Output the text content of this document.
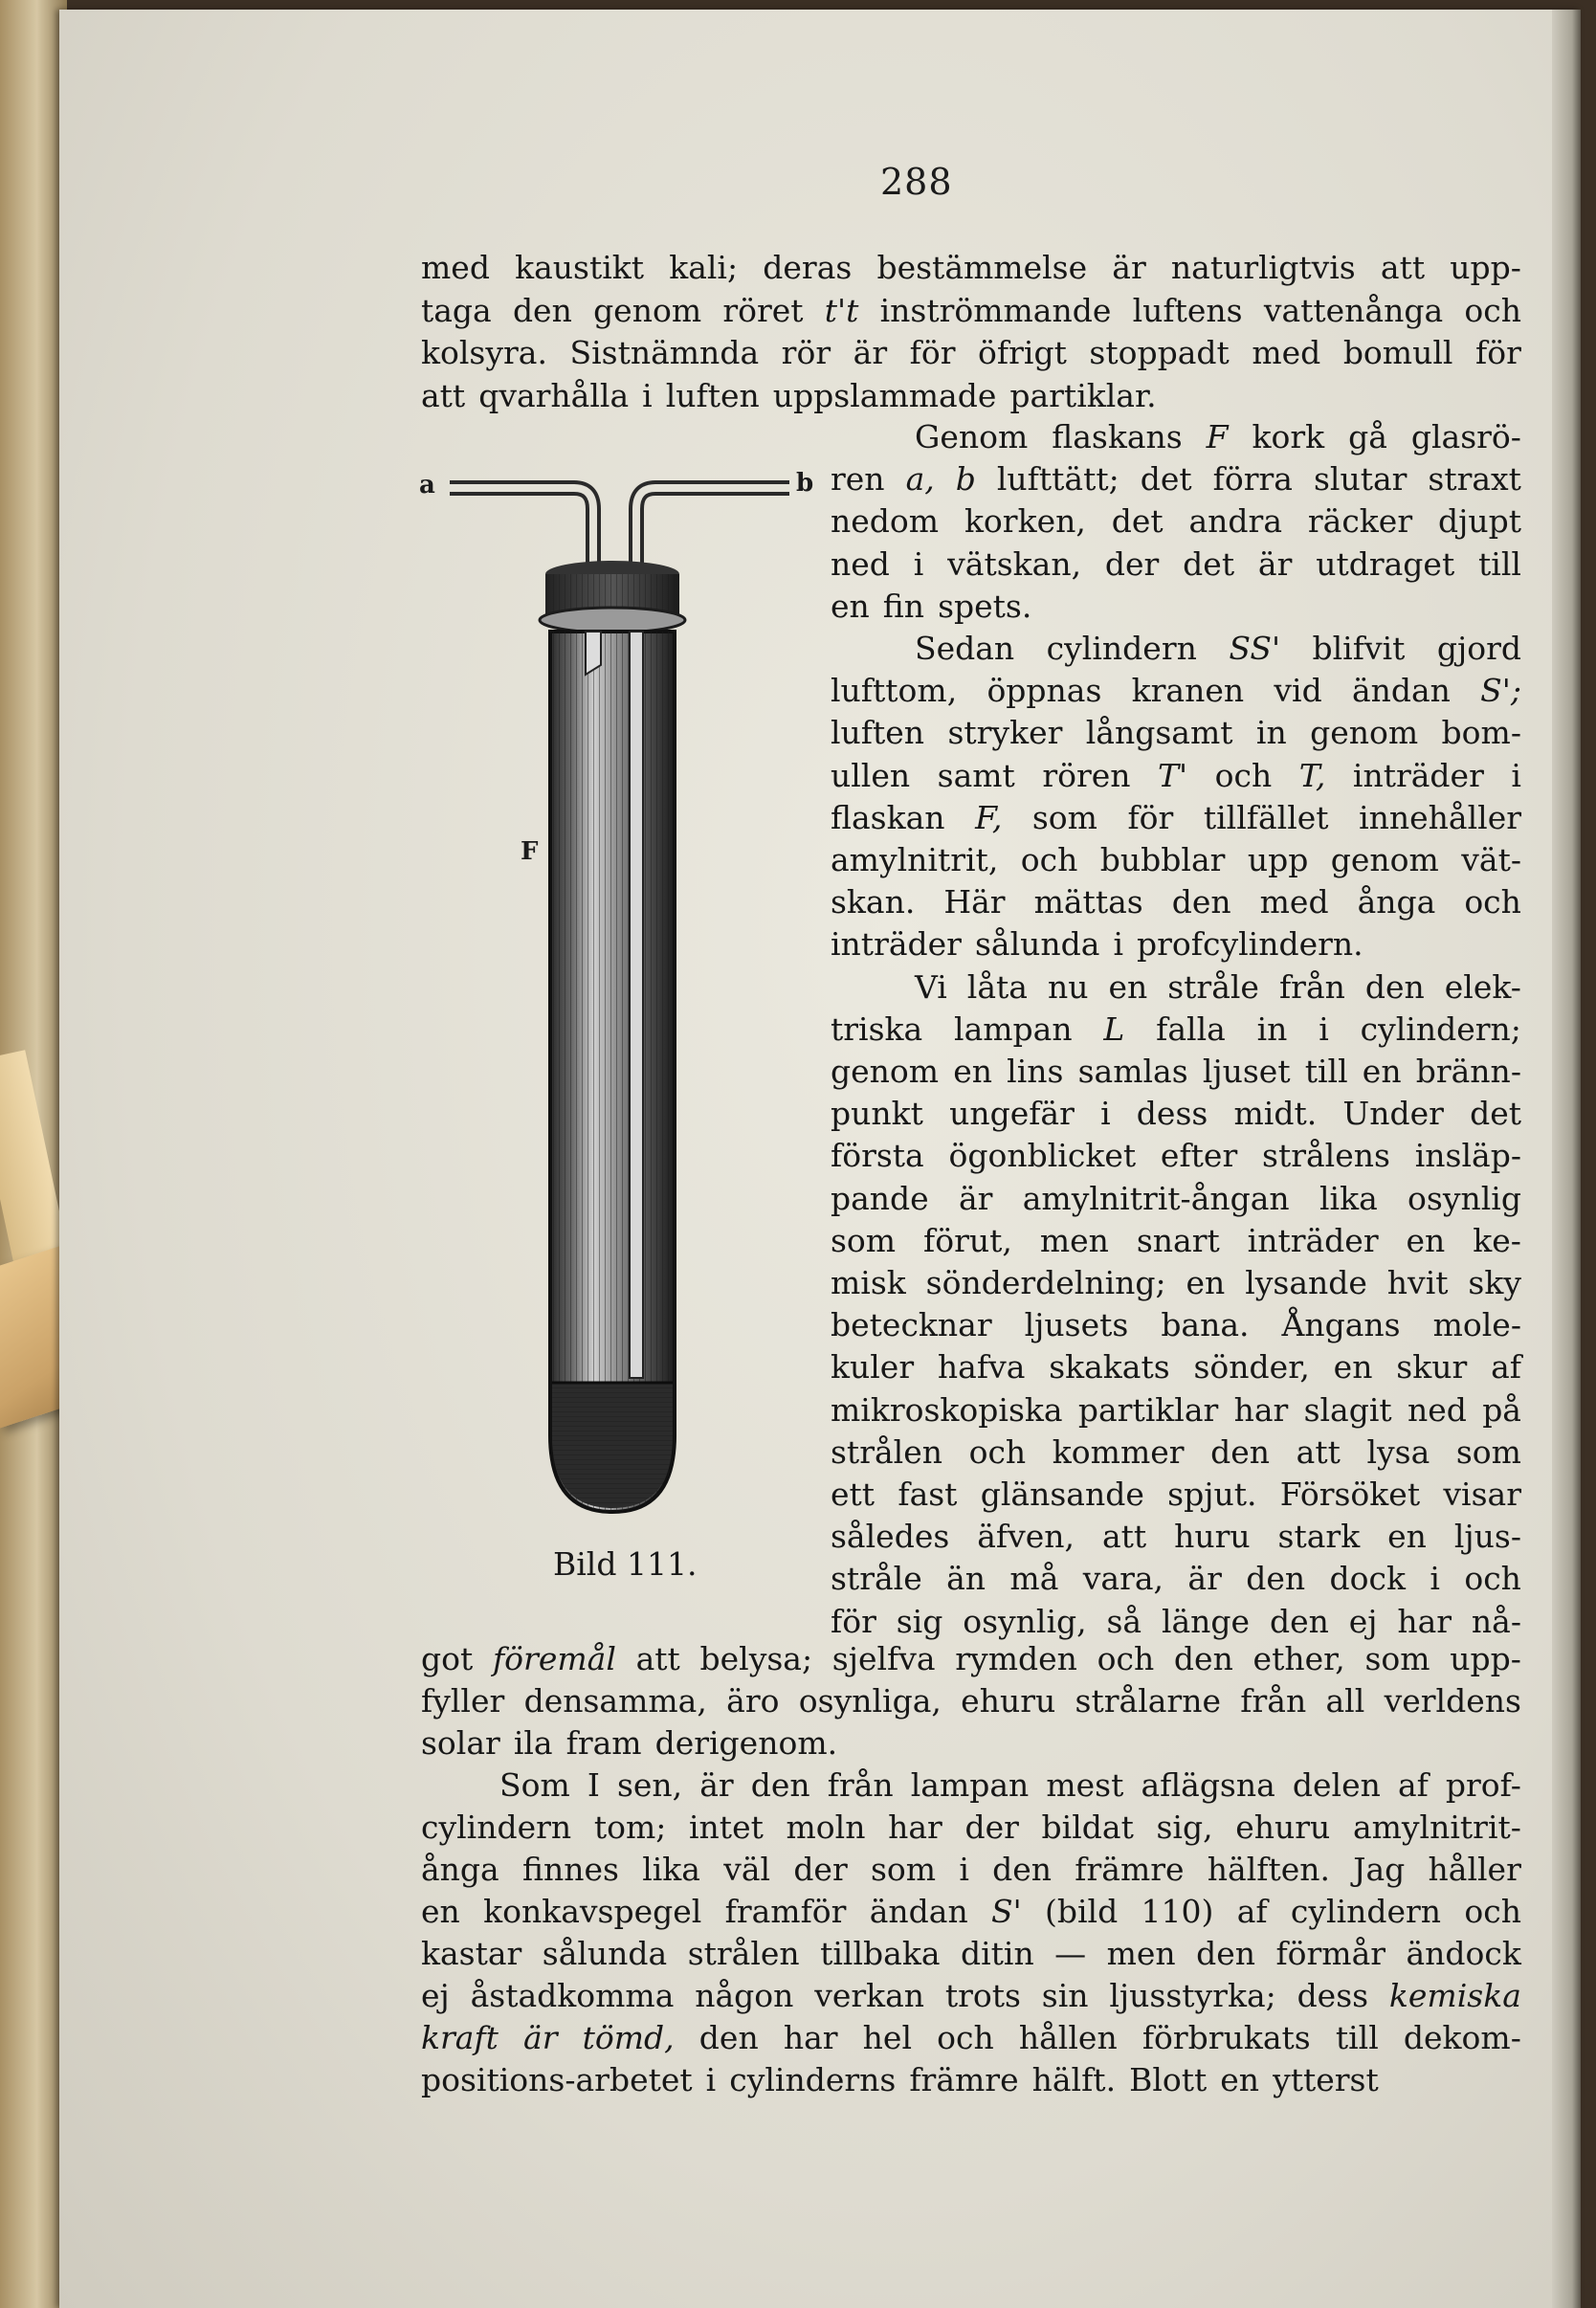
288
a	b
F
Bild 111.
med kaustikt kali; deras bestämmelse är naturligtvis att upp-
taga den genom röret t't inströmmande luftens vattenånga och
kolsyra. Sistnämnda rör är för öfrigt stoppadt med bomull för
att qvarhålla i luften uppslammade partiklar.
Genom flaskans F kork gå glasrö-
ren a, b lufttätt; det förra slutar straxt
nedom korken, det andra räcker djupt
ned i vätskan, der det är utdraget till
en fin spets.
Sedan cylindern SS' blifvit gjord
lufttom, öppnas kranen vid ändan S';
luften stryker långsamt in genom bom-
ullen samt rören T' och T, inträder i
flaskan F, som för tillfället innehåller
amylnitrit, och bubblar upp genom vät-
skan. Här mättas den med ånga och
inträder sålunda i profcylindern.
Vi låta nu en stråle från den elek-
triska lampan L falla in i cylindern;
genom en lins samlas ljuset till en bränn-
punkt ungefär i dess midt. Under det
första ögonblicket efter strålens insläp-
pande är amylnitrit-ångan lika osynlig
som förut, men snart inträder en ke-
misk sönderdelning; en lysande hvit sky
betecknar ljusets bana. Ångans mole-
kuler hafva skakats sönder, en skur af
mikroskopiska partiklar har slagit ned på
strålen och kommer den att lysa som
ett fast glänsande spjut. Försöket visar
således äfven, att huru stark en ljus-
stråle än må vara, är den dock i och
för sig osynlig, så länge den ej har nå-
got föremål att belysa; sjelfva rymden och den ether, som upp-
fyller densamma, äro osynliga, ehuru strålarne från all verldens
solar ila fram derigenom.
Som I sen, är den från lampan mest aflägsna delen af prof-
cylindern tom; intet moln har der bildat sig, ehuru amylnitrit-
ånga finnes lika väl der som i den främre hälften. Jag håller
en konkavspegel framför ändan S' (bild 110) af cylindern och
kastar sålunda strålen tillbaka ditin — men den förmår ändock
ej åstadkomma någon verkan trots sin ljusstyrka; dess kemiska
kraft är tömd, den har hel och hållen förbrukats till dekom-
positions-arbetet i cylinderns främre hälft. Blott en ytterst
